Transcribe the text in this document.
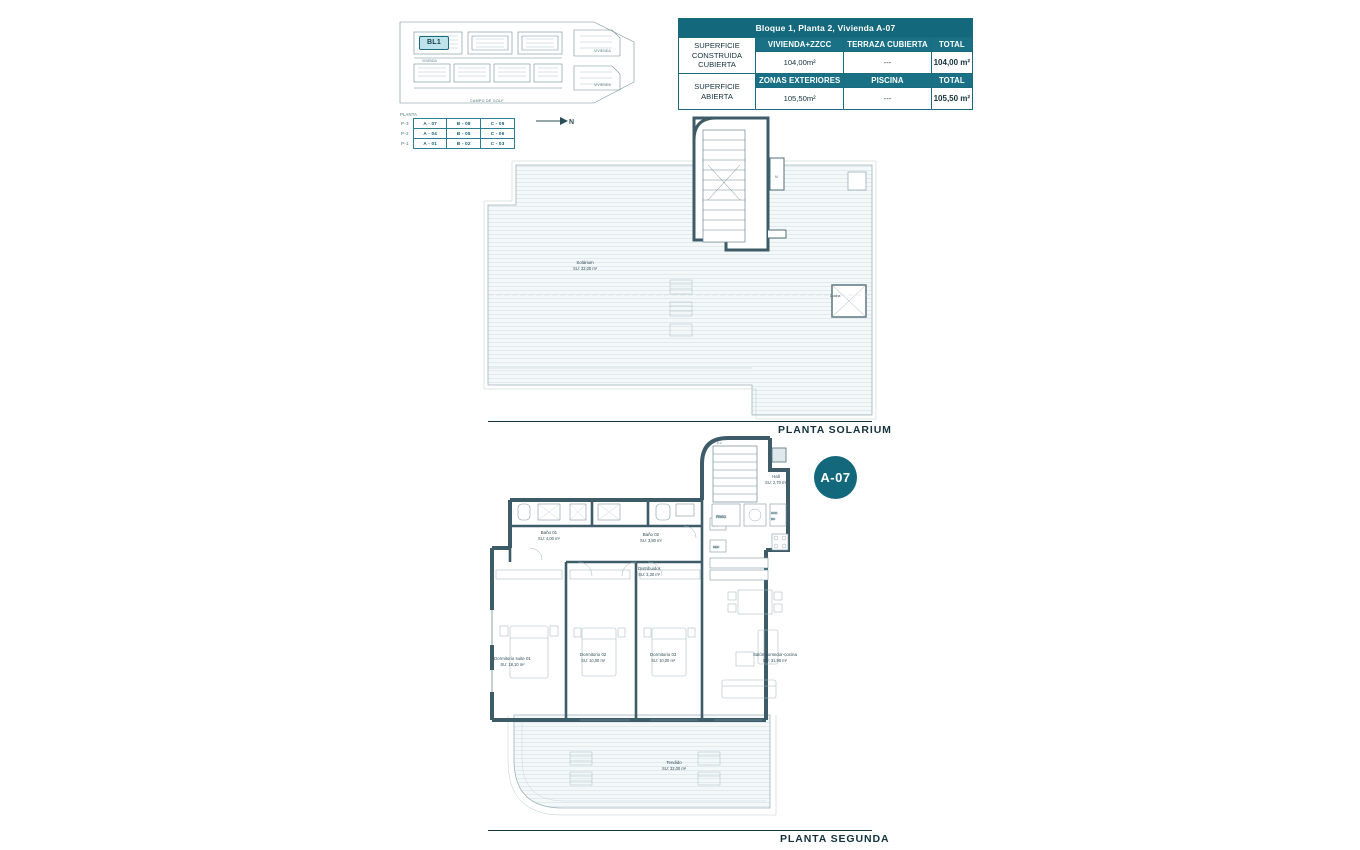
Bloque 1, Planta 2, Vivienda A-07			
SUPERFICIE CONSTRUIDA CUBIERTA	VIVIENDA+ZZCC	TERRAZA CUBIERTA	TOTAL
	104,00m²	---	104,00 m²
SUPERFICIE ABIERTA	ZONAS EXTERIORES	PISCINA	TOTAL
	105,50m²	---	105,50 m²
VIVIENDA
VIVIENDA
VIVIENDA
BL1
CAMPO DE GOLF
PLANTA
P-3	A - 07	B - 08	C - 09
P-2	A - 04	B - 05	C - 06
P-1	A - 01	B - 02	C - 03
N
M
Solárium
SU: 32,00 m²
Ducha
PLANTA SOLARIUM
P-2
REC
FRIGO
HOR
NO
Hall
SU: 2,70 m²
Baño 01
SU: 4,00 m²
Baño 02
SU: 3,80 m²
Distribuidor
SU: 3,30 m²
Dormitorio suite 01
SU: 18,10 m²
Dormitorio 02
SU: 10,00 m²
Dormitorio 03
SU: 10,00 m²
Salón-comedor-cocina
SU: 31,90 m²
Tendido
SU: 32,00 m²
A-07
PLANTA SEGUNDA
